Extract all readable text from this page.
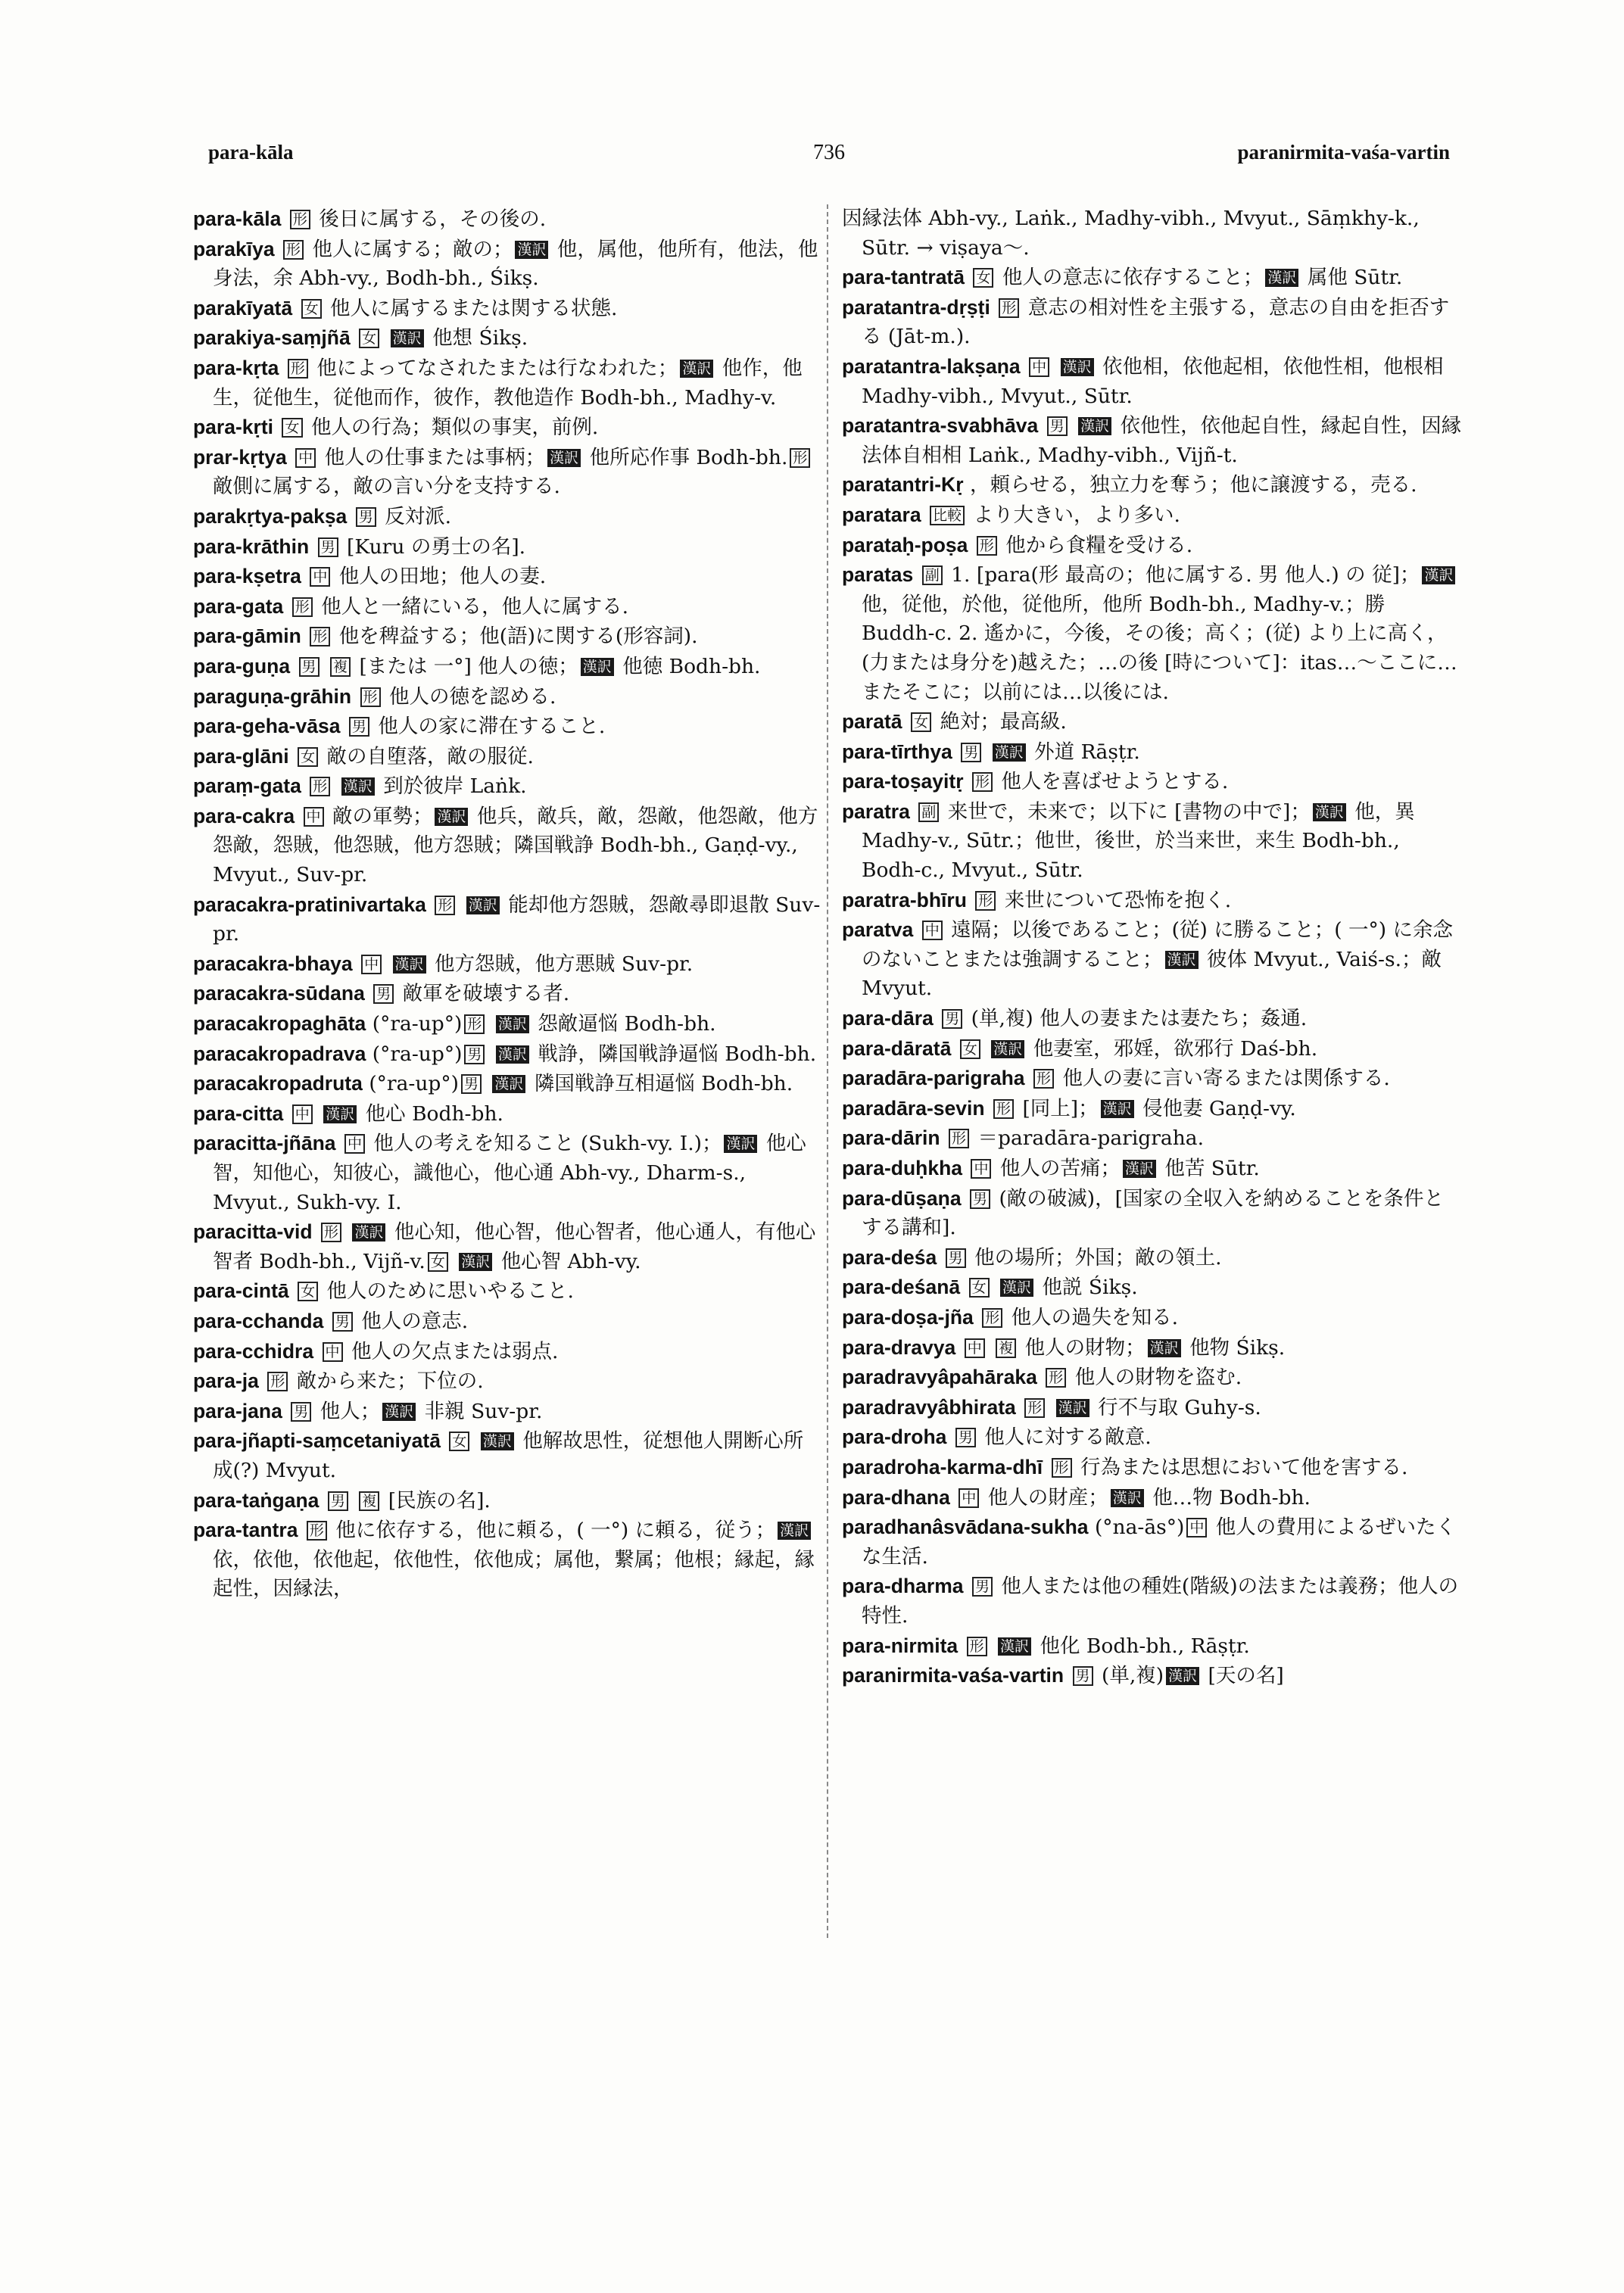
para-kāla	736	paranirmita-vaśa-vartin

para-kāla 形 後日に属する，その後の.

parakīya 形 他人に属する；敵の； 漢訳 他，属他，他所有，他法，他身法，余 Abh-vy., Bodh-bh., Śikṣ.

parakīyatā 女 他人に属するまたは関する状態.

parakiya-saṃjñā 女 漢訳 他想 Śikṣ.

para-kṛta 形 他によってなされたまたは行なわれた； 漢訳 他作，他生，従他生，従他而作，彼作，教他造作 Bodh-bh., Madhy-v.

para-kṛti 女 他人の行為；類似の事実，前例.

prar-kṛtya 中 他人の仕事または事柄； 漢訳 他所応作事 Bodh-bh. 形 敵側に属する，敵の言い分を支持する.

parakṛtya-pakṣa 男 反対派.

para-krāthin 男 [Kuru の勇士の名].

para-kṣetra 中 他人の田地；他人の妻.

para-gata 形 他人と一緒にいる，他人に属する.

para-gāmin 形 他を稗益する；他(語)に関する(形容詞).

para-guṇa 男 複 [または 一°] 他人の徳； 漢訳 他徳 Bodh-bh.

paraguṇa-grāhin 形 他人の徳を認める.

para-geha-vāsa 男 他人の家に滞在すること.

para-glāni 女 敵の自堕落，敵の服従.

paraṃ-gata 形 漢訳 到於彼岸 Laṅk.

para-cakra 中 敵の軍勢； 漢訳 他兵，敵兵，敵，怨敵，他怨敵，他方怨敵，怨賊，他怨賊，他方怨賊；隣国戦諍 Bodh-bh., Gaṇḍ-vy., Mvyut., Suv-pr.

paracakra-pratinivartaka 形 漢訳 能却他方怨賊，怨敵尋即退散 Suv-pr.

paracakra-bhaya 中 漢訳 他方怨賊，他方悪賊 Suv-pr.

paracakra-sūdana 男 敵軍を破壊する者.

paracakropaghāta (°ra-up°) 形 漢訳 怨敵逼悩 Bodh-bh.

paracakropadrava (°ra-up°) 男 漢訳 戦諍，隣国戦諍逼悩 Bodh-bh.

paracakropadruta (°ra-up°) 男 漢訳 隣国戦諍互相逼悩 Bodh-bh.

para-citta 中 漢訳 他心 Bodh-bh.

paracitta-jñāna 中 他人の考えを知ること (Sukh-vy. I.)； 漢訳 他心智，知他心，知彼心，識他心，他心通 Abh-vy., Dharm-s., Mvyut., Sukh-vy. I.

paracitta-vid 形 漢訳 他心知，他心智，他心智者，他心通人，有他心智者 Bodh-bh., Vijñ-v. 女 漢訳 他心智 Abh-vy.

para-cintā 女 他人のために思いやること.

para-cchanda 男 他人の意志.

para-cchidra 中 他人の欠点または弱点.

para-ja 形 敵から来た；下位の.

para-jana 男 他人； 漢訳 非親 Suv-pr.

para-jñapti-saṃcetaniyatā 女 漢訳 他解故思性，従想他人開断心所成(?) Mvyut.

para-taṅgaṇa 男 複 [民族の名].

para-tantra 形 他に依存する，他に頼る，( 一°) に頼る，従う； 漢訳 依，依他，依他起，依他性，依他成；属他，繋属；他根；縁起，縁起性，因縁法，

因縁法体 Abh-vy., Laṅk., Madhy-vibh., Mvyut., Sāṃkhy-k., Sūtr. → viṣaya～.

para-tantratā 女 他人の意志に依存すること； 漢訳 属他 Sūtr.

paratantra-dṛṣṭi 形 意志の相対性を主張する，意志の自由を拒否する (Jāt-m.).

paratantra-lakṣaṇa 中 漢訳 依他相，依他起相，依他性相，他根相 Madhy-vibh., Mvyut., Sūtr.

paratantra-svabhāva 男 漢訳 依他性，依他起自性，縁起自性，因縁法体自相相 Laṅk., Madhy-vibh., Vijñ-t.

paratantri-Kṛ ，頼らせる，独立力を奪う；他に譲渡する，売る.

paratara 比較 より大きい，より多い.

parataḥ-poṣa 形 他から食糧を受ける.

paratas 副 1. [para(形 最高の；他に属する. 男 他人.) の 従]； 漢訳 他，従他，於他，従他所，他所 Bodh-bh., Madhy-v.；勝 Buddh-c. 2. 遙かに，今後，その後；高く；(従) より上に高く，(力または身分を)越えた；…の後 [時について]：itas…～ここに…またそこに；以前には…以後には.

paratā 女 絶対；最高級.

para-tīrthya 男 漢訳 外道 Rāṣṭr.

para-toṣayitṛ 形 他人を喜ばせようとする.

paratra 副 来世で，未来で；以下に [書物の中で]； 漢訳 他，異 Madhy-v., Sūtr.；他世，後世，於当来世，来生 Bodh-bh., Bodh-c., Mvyut., Sūtr.

paratra-bhīru 形 来世について恐怖を抱く.

paratva 中 遠隔；以後であること；(従) に勝ること；( 一°) に余念のないことまたは強調すること； 漢訳 彼体 Mvyut., Vaiś-s.；敵 Mvyut.

para-dāra 男 (単,複) 他人の妻または妻たち；姦通.

para-dāratā 女 漢訳 他妻室，邪婬，欲邪行 Daś-bh.

paradāra-parigraha 形 他人の妻に言い寄るまたは関係する.

paradāra-sevin 形 [同上]； 漢訳 侵他妻 Gaṇḍ-vy.

para-dārin 形 ＝paradāra-parigraha.

para-duḥkha 中 他人の苦痛； 漢訳 他苦 Sūtr.

para-dūṣaṇa 男 (敵の破滅)，[国家の全収入を納めることを条件とする講和].

para-deśa 男 他の場所；外国；敵の領土.

para-deśanā 女 漢訳 他説 Śikṣ.

para-doṣa-jña 形 他人の過失を知る.

para-dravya 中 複 他人の財物； 漢訳 他物 Śikṣ.

paradravyâpahāraka 形 他人の財物を盗む.

paradravyâbhirata 形 漢訳 行不与取 Guhy-s.

para-droha 男 他人に対する敵意.

paradroha-karma-dhī 形 行為または思想において他を害する.

para-dhana 中 他人の財産； 漢訳 他…物 Bodh-bh.

paradhanâsvādana-sukha (°na-ās°) 中 他人の費用によるぜいたくな生活.

para-dharma 男 他人または他の種姓(階級)の法または義務；他人の特性.

para-nirmita 形 漢訳 他化 Bodh-bh., Rāṣṭr.

paranirmita-vaśa-vartin 男 (単,複) 漢訳 [天の名]
